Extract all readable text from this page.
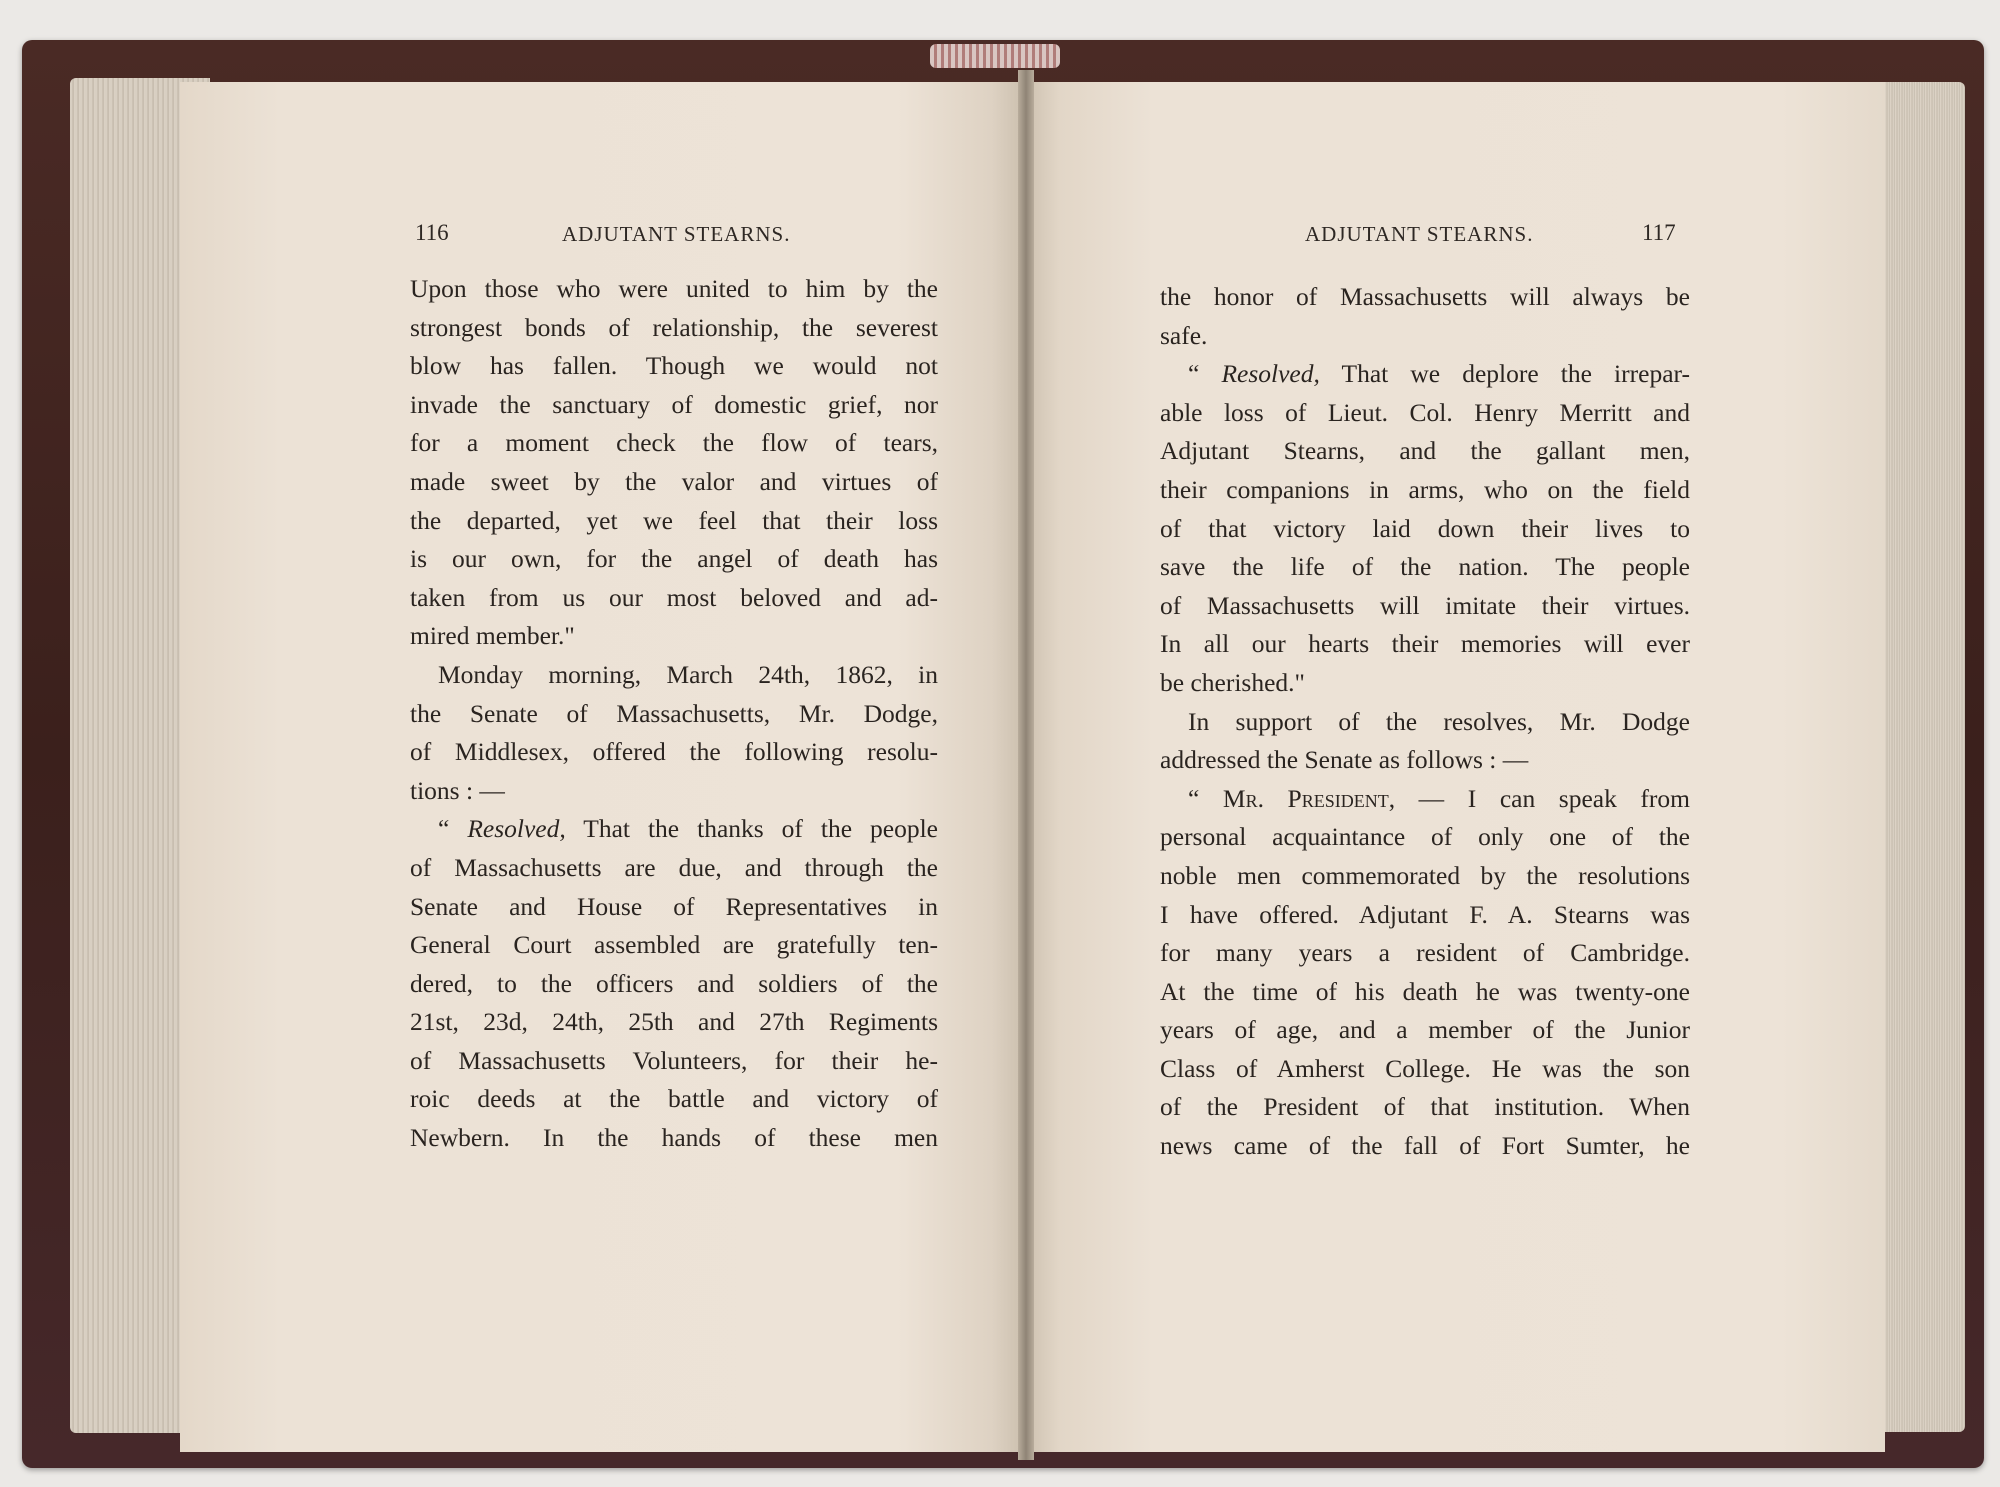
116	ADJUTANT STEARNS.	ADJUTANT STEARNS.	117
Upon those who were united to him by the
strongest bonds of relationship, the severest
blow has fallen. Though we would not
invade the sanctuary of domestic grief, nor
for a moment check the flow of tears,
made sweet by the valor and virtues of
the departed, yet we feel that their loss
is our own, for the angel of death has
taken from us our most beloved and ad-
mired member."
Monday morning, March 24th, 1862, in
the Senate of Massachusetts, Mr. Dodge,
of Middlesex, offered the following resolu-
tions : —
“ Resolved, That the thanks of the people
of Massachusetts are due, and through the
Senate and House of Representatives in
General Court assembled are gratefully ten-
dered, to the officers and soldiers of the
21st, 23d, 24th, 25th and 27th Regiments
of Massachusetts Volunteers, for their he-
roic deeds at the battle and victory of
Newbern. In the hands of these men
the honor of Massachusetts will always be
safe.
“ Resolved, That we deplore the irrepar-
able loss of Lieut. Col. Henry Merritt and
Adjutant Stearns, and the gallant men,
their companions in arms, who on the field
of that victory laid down their lives to
save the life of the nation. The people
of Massachusetts will imitate their virtues.
In all our hearts their memories will ever
be cherished."
In support of the resolves, Mr. Dodge
addressed the Senate as follows : —
“ Mr. President, — I can speak from
personal acquaintance of only one of the
noble men commemorated by the resolutions
I have offered. Adjutant F. A. Stearns was
for many years a resident of Cambridge.
At the time of his death he was twenty-one
years of age, and a member of the Junior
Class of Amherst College. He was the son
of the President of that institution. When
news came of the fall of Fort Sumter, he
